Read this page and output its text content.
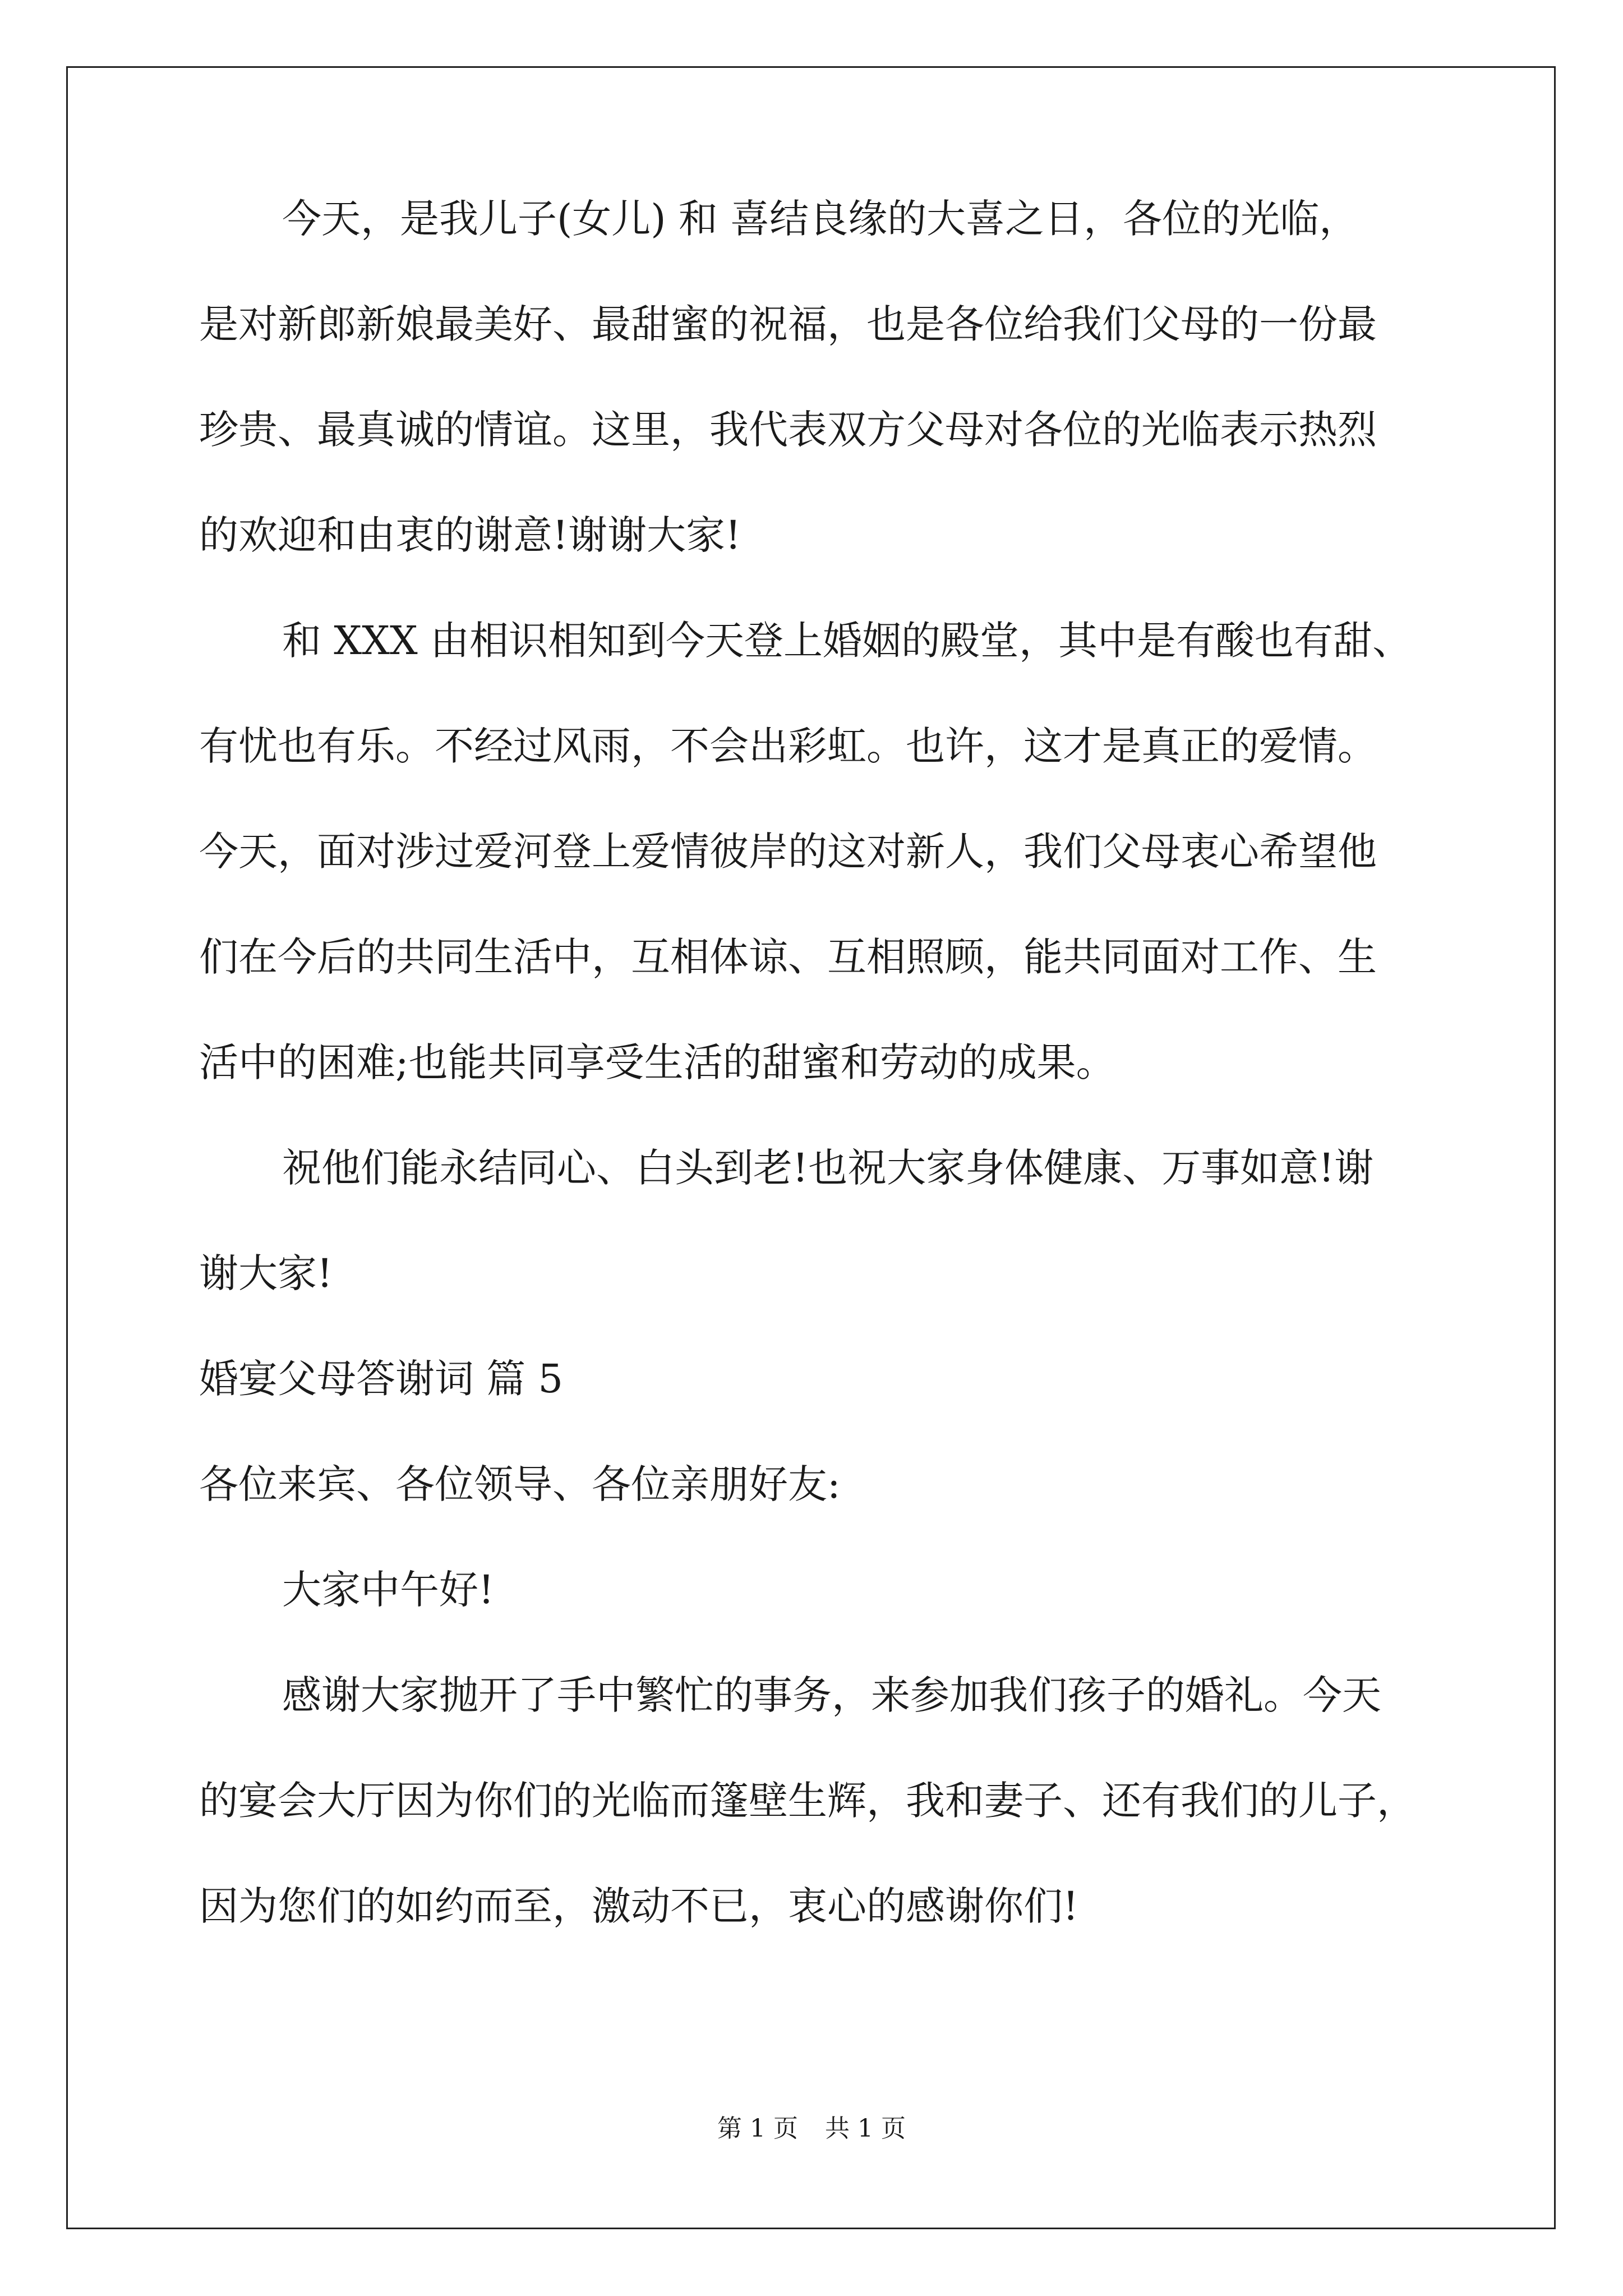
今天，是我儿子(女儿) 和 喜结良缘的大喜之日，各位的光临，
是对新郎新娘最美好、最甜蜜的祝福，也是各位给我们父母的一份最
珍贵、最真诚的情谊。这里，我代表双方父母对各位的光临表示热烈
的欢迎和由衷的谢意!谢谢大家!
和 XXX 由相识相知到今天登上婚姻的殿堂，其中是有酸也有甜、
有忧也有乐。不经过风雨，不会出彩虹。也许，这才是真正的爱情。
今天，面对涉过爱河登上爱情彼岸的这对新人，我们父母衷心希望他
们在今后的共同生活中，互相体谅、互相照顾，能共同面对工作、生
活中的困难;也能共同享受生活的甜蜜和劳动的成果。
祝他们能永结同心、白头到老!也祝大家身体健康、万事如意!谢
谢大家!
婚宴父母答谢词 篇 5
各位来宾、各位领导、各位亲朋好友:
大家中午好!
感谢大家抛开了手中繁忙的事务，来参加我们孩子的婚礼。今天
的宴会大厅因为你们的光临而篷壁生辉，我和妻子、还有我们的儿子，
因为您们的如约而至，激动不已，衷心的感谢你们!
第 1 页 共 1 页
